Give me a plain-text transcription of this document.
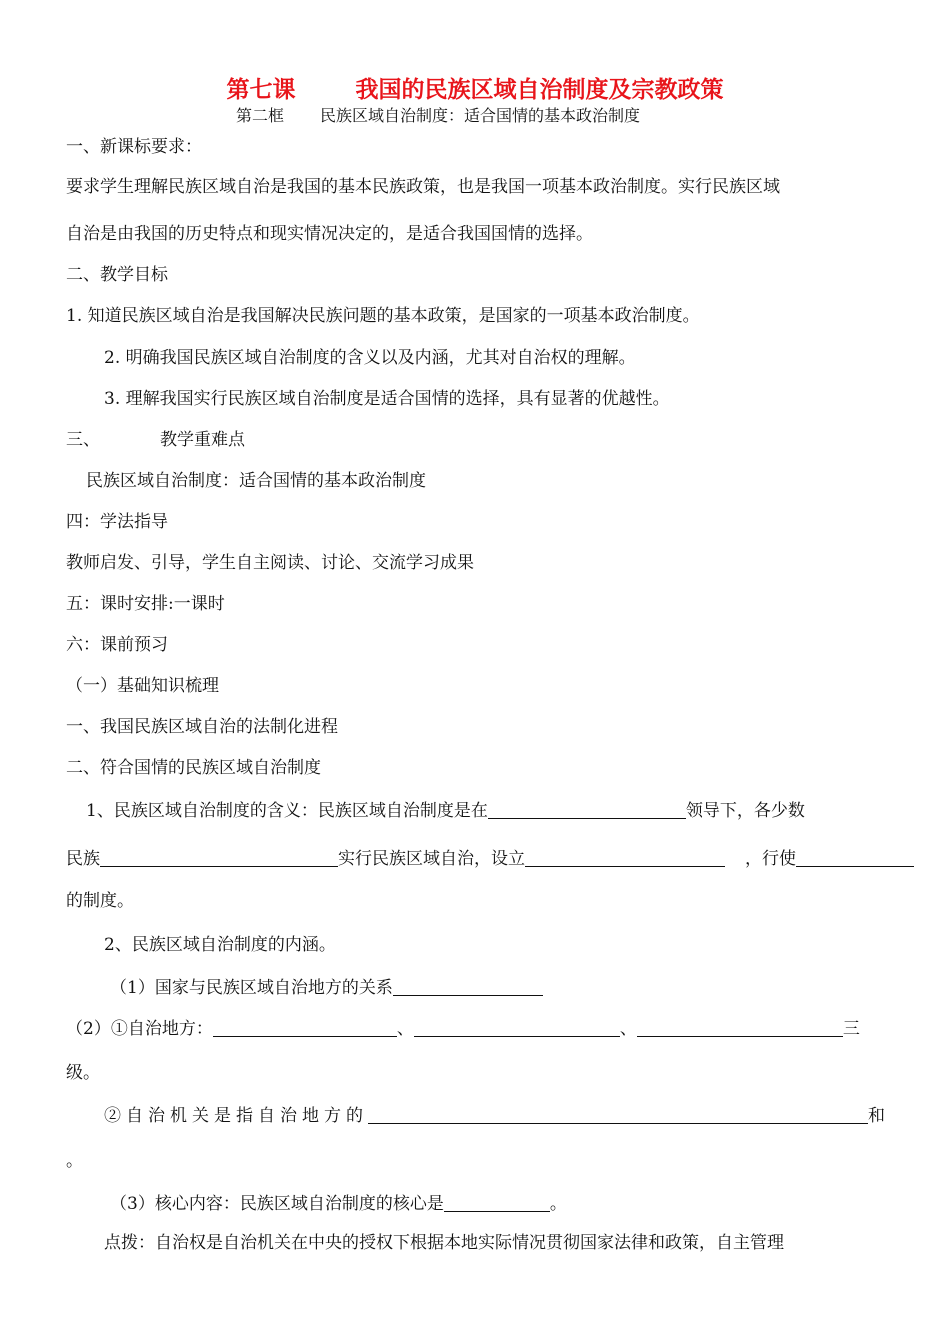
第七课	我国的民族区域自治制度及宗教政策
第二框 民族区域自治制度：适合国情的基本政治制度
一、新课标要求：
要求学生理解民族区域自治是我国的基本民族政策，也是我国一项基本政治制度。实行民族区域
自治是由我国的历史特点和现实情况决定的，是适合我国国情的选择。
二、教学目标
1. 知道民族区域自治是我国解决民族问题的基本政策，是国家的一项基本政治制度。
2. 明确我国民族区域自治制度的含义以及内涵，尤其对自治权的理解。
3. 理解我国实行民族区域自治制度是适合国情的选择，具有显著的优越性。
三、	教学重难点
民族区域自治制度：适合国情的基本政治制度
四：学法指导
教师启发、引导，学生自主阅读、讨论、交流学习成果
五：课时安排:一课时
六：课前预习
（一）基础知识梳理
一、我国民族区域自治的法制化进程
二、符合国情的民族区域自治制度
1、民族区域自治制度的含义：民族区域自治制度是在	领导下，各少数
民族	实行民族区域自治，设立	，行使
的制度。
2、民族区域自治制度的内涵。
（1）国家与民族区域自治地方的关系
（2）①自治地方：	、	、	三
级。
②自治机关是指自治地方的	和
。
（3）核心内容：民族区域自治制度的核心是	。
点拨：自治权是自治机关在中央的授权下根据本地实际情况贯彻国家法律和政策，自主管理
